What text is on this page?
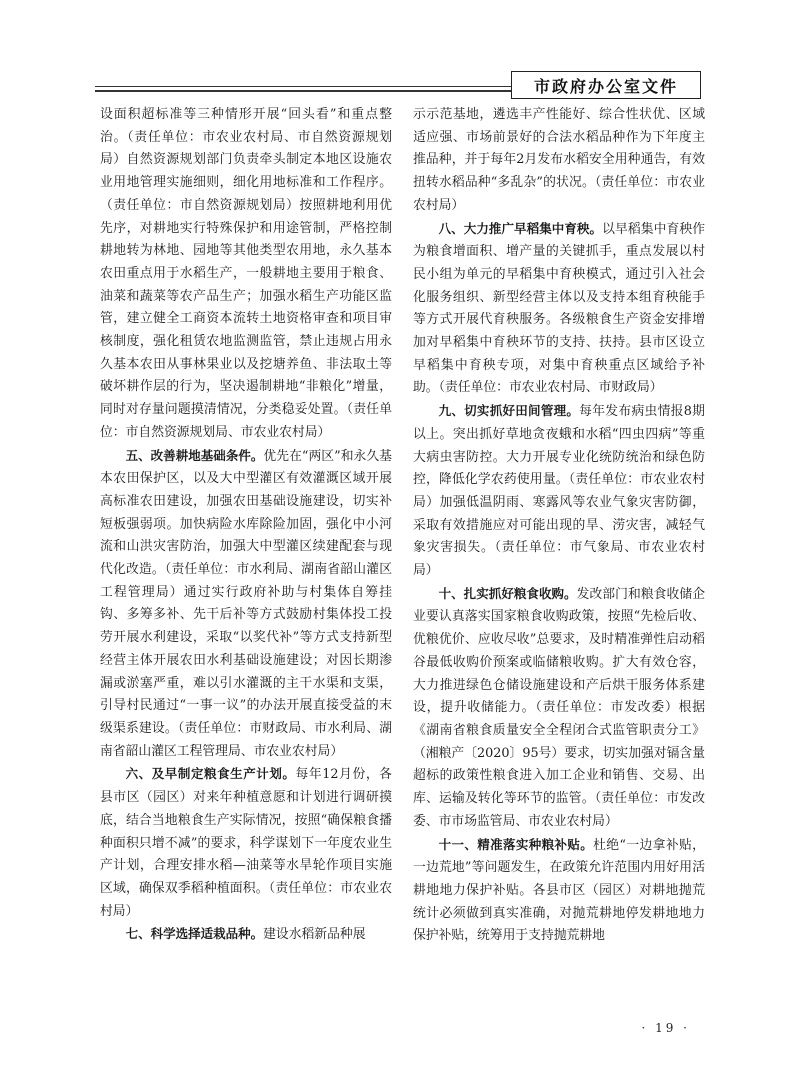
市政府办公室文件

设面积超标准等三种情形开展“回头看”和重点整治。（责任单位：市农业农村局、市自然资源规划局）自然资源规划部门负责牵头制定本地区设施农业用地管理实施细则，细化用地标准和工作程序。（责任单位：市自然资源规划局）按照耕地利用优先序，对耕地实行特殊保护和用途管制，严格控制耕地转为林地、园地等其他类型农用地，永久基本农田重点用于水稻生产，一般耕地主要用于粮食、油菜和蔬菜等农产品生产；加强水稻生产功能区监管，建立健全工商资本流转土地资格审查和项目审核制度，强化租赁农地监测监管，禁止违规占用永久基本农田从事林果业以及挖塘养鱼、非法取土等破坏耕作层的行为，坚决遏制耕地“非粮化”增量，同时对存量问题摸清情况，分类稳妥处置。（责任单位：市自然资源规划局、市农业农村局）

五、改善耕地基础条件。优先在“两区”和永久基本农田保护区，以及大中型灌区有效灌溉区域开展高标准农田建设，加强农田基础设施建设，切实补短板强弱项。加快病险水库除险加固，强化中小河流和山洪灾害防治，加强大中型灌区续建配套与现代化改造。（责任单位：市水利局、湖南省韶山灌区工程管理局）通过实行政府补助与村集体自筹挂钩、多筹多补、先干后补等方式鼓励村集体投工投劳开展水利建设，采取“以奖代补”等方式支持新型经营主体开展农田水利基础设施建设；对因长期渗漏或淤塞严重，难以引水灌溉的主干水渠和支渠，引导村民通过“一事一议”的办法开展直接受益的末级渠系建设。（责任单位：市财政局、市水利局、湖南省韶山灌区工程管理局、市农业农村局）

六、及早制定粮食生产计划。每年12月份，各县市区（园区）对来年种植意愿和计划进行调研摸底，结合当地粮食生产实际情况，按照“确保粮食播种面积只增不减”的要求，科学谋划下一年度农业生产计划，合理安排水稻—油菜等水旱轮作项目实施区域，确保双季稻种植面积。（责任单位：市农业农村局）

七、科学选择适栽品种。建设水稻新品种展

示示范基地，遴选丰产性能好、综合性状优、区域适应强、市场前景好的合法水稻品种作为下年度主推品种，并于每年2月发布水稻安全用种通告，有效扭转水稻品种“多乱杂”的状况。（责任单位：市农业农村局）

八、大力推广早稻集中育秧。以早稻集中育秧作为粮食增面积、增产量的关键抓手，重点发展以村民小组为单元的早稻集中育秧模式，通过引入社会化服务组织、新型经营主体以及支持本组育秧能手等方式开展代育秧服务。各级粮食生产资金安排增加对早稻集中育秧环节的支持、扶持。县市区设立早稻集中育秧专项，对集中育秧重点区域给予补助。（责任单位：市农业农村局、市财政局）

九、切实抓好田间管理。每年发布病虫情报8期以上。突出抓好草地贪夜蛾和水稻“四虫四病”等重大病虫害防控。大力开展专业化统防统治和绿色防控，降低化学农药使用量。（责任单位：市农业农村局）加强低温阴雨、寒露风等农业气象灾害防御，采取有效措施应对可能出现的旱、涝灾害，减轻气象灾害损失。（责任单位：市气象局、市农业农村局）

十、扎实抓好粮食收购。发改部门和粮食收储企业要认真落实国家粮食收购政策，按照“先检后收、优粮优价、应收尽收”总要求，及时精准弹性启动稻谷最低收购价预案或临储粮收购。扩大有效仓容，大力推进绿色仓储设施建设和产后烘干服务体系建设，提升收储能力。（责任单位：市发改委）根据《湖南省粮食质量安全全程闭合式监管职责分工》（湘粮产〔2020〕95号）要求，切实加强对镉含量超标的政策性粮食进入加工企业和销售、交易、出库、运输及转化等环节的监管。（责任单位：市发改委、市市场监管局、市农业农村局）

十一、精准落实种粮补贴。杜绝“一边拿补贴，一边荒地”等问题发生，在政策允许范围内用好用活耕地地力保护补贴。各县市区（园区）对耕地抛荒统计必须做到真实准确，对抛荒耕地停发耕地地力保护补贴，统筹用于支持抛荒耕地

· 19 ·
